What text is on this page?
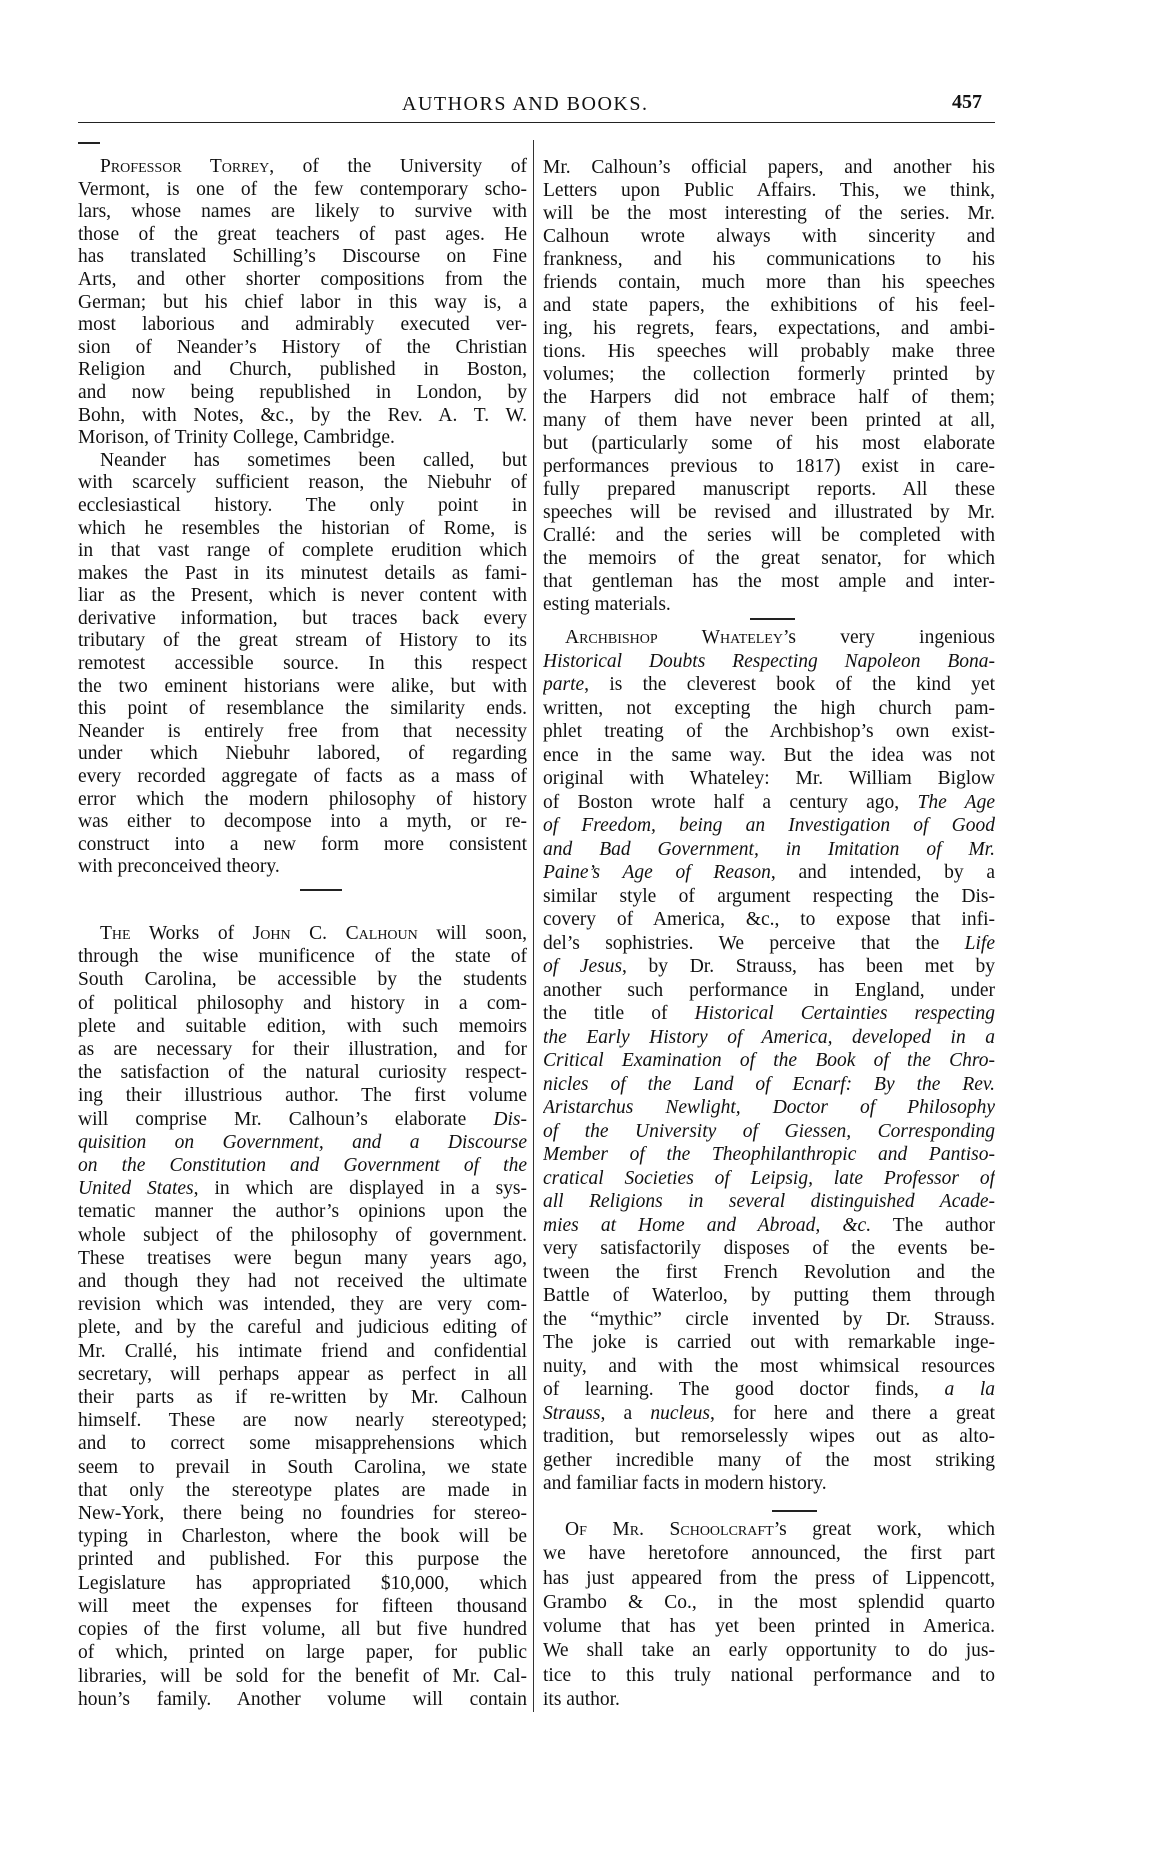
AUTHORS AND BOOKS.	457
Professor Torrey, of the University of
Vermont, is one of the few contemporary scho-
lars, whose names are likely to survive with
those of the great teachers of past ages. He
has translated Schilling’s Discourse on Fine
Arts, and other shorter compositions from the
German; but his chief labor in this way is, a
most laborious and admirably executed ver-
sion of Neander’s History of the Christian
Religion and Church, published in Boston,
and now being republished in London, by
Bohn, with Notes, &c., by the Rev. A. T. W.
Morison, of Trinity College, Cambridge.
Neander has sometimes been called, but
with scarcely sufficient reason, the Niebuhr of
ecclesiastical history. The only point in
which he resembles the historian of Rome, is
in that vast range of complete erudition which
makes the Past in its minutest details as fami-
liar as the Present, which is never content with
derivative information, but traces back every
tributary of the great stream of History to its
remotest accessible source. In this respect
the two eminent historians were alike, but with
this point of resemblance the similarity ends.
Neander is entirely free from that necessity
under which Niebuhr labored, of regarding
every recorded aggregate of facts as a mass of
error which the modern philosophy of history
was either to decompose into a myth, or re-
construct into a new form more consistent
with preconceived theory.
The Works of John C. Calhoun will soon,
through the wise munificence of the state of
South Carolina, be accessible by the students
of political philosophy and history in a com-
plete and suitable edition, with such memoirs
as are necessary for their illustration, and for
the satisfaction of the natural curiosity respect-
ing their illustrious author. The first volume
will comprise Mr. Calhoun’s elaborate Dis-
quisition on Government, and a Discourse
on the Constitution and Government of the
United States, in which are displayed in a sys-
tematic manner the author’s opinions upon the
whole subject of the philosophy of government.
These treatises were begun many years ago,
and though they had not received the ultimate
revision which was intended, they are very com-
plete, and by the careful and judicious editing of
Mr. Crallé, his intimate friend and confidential
secretary, will perhaps appear as perfect in all
their parts as if re-written by Mr. Calhoun
himself. These are now nearly stereotyped;
and to correct some misapprehensions which
seem to prevail in South Carolina, we state
that only the stereotype plates are made in
New-York, there being no foundries for stereo-
typing in Charleston, where the book will be
printed and published. For this purpose the
Legislature has appropriated $10,000, which
will meet the expenses for fifteen thousand
copies of the first volume, all but five hundred
of which, printed on large paper, for public
libraries, will be sold for the benefit of Mr. Cal-
houn’s family. Another volume will contain
Mr. Calhoun’s official papers, and another his
Letters upon Public Affairs. This, we think,
will be the most interesting of the series. Mr.
Calhoun wrote always with sincerity and
frankness, and his communications to his
friends contain, much more than his speeches
and state papers, the exhibitions of his feel-
ing, his regrets, fears, expectations, and ambi-
tions. His speeches will probably make three
volumes; the collection formerly printed by
the Harpers did not embrace half of them;
many of them have never been printed at all,
but (particularly some of his most elaborate
performances previous to 1817) exist in care-
fully prepared manuscript reports. All these
speeches will be revised and illustrated by Mr.
Crallé: and the series will be completed with
the memoirs of the great senator, for which
that gentleman has the most ample and inter-
esting materials.
Archbishop Whateley’s very ingenious
Historical Doubts Respecting Napoleon Bona-
parte, is the cleverest book of the kind yet
written, not excepting the high church pam-
phlet treating of the Archbishop’s own exist-
ence in the same way. But the idea was not
original with Whateley: Mr. William Biglow
of Boston wrote half a century ago, The Age
of Freedom, being an Investigation of Good
and Bad Government, in Imitation of Mr.
Paine’s Age of Reason, and intended, by a
similar style of argument respecting the Dis-
covery of America, &c., to expose that infi-
del’s sophistries. We perceive that the Life
of Jesus, by Dr. Strauss, has been met by
another such performance in England, under
the title of Historical Certainties respecting
the Early History of America, developed in a
Critical Examination of the Book of the Chro-
nicles of the Land of Ecnarf: By the Rev.
Aristarchus Newlight, Doctor of Philosophy
of the University of Giessen, Corresponding
Member of the Theophilanthropic and Pantiso-
cratical Societies of Leipsig, late Professor of
all Religions in several distinguished Acade-
mies at Home and Abroad, &c. The author
very satisfactorily disposes of the events be-
tween the first French Revolution and the
Battle of Waterloo, by putting them through
the “mythic” circle invented by Dr. Strauss.
The joke is carried out with remarkable inge-
nuity, and with the most whimsical resources
of learning. The good doctor finds, a la
Strauss, a nucleus, for here and there a great
tradition, but remorselessly wipes out as alto-
gether incredible many of the most striking
and familiar facts in modern history.
Of Mr. Schoolcraft’s great work, which
we have heretofore announced, the first part
has just appeared from the press of Lippencott,
Grambo & Co., in the most splendid quarto
volume that has yet been printed in America.
We shall take an early opportunity to do jus-
tice to this truly national performance and to
its author.
